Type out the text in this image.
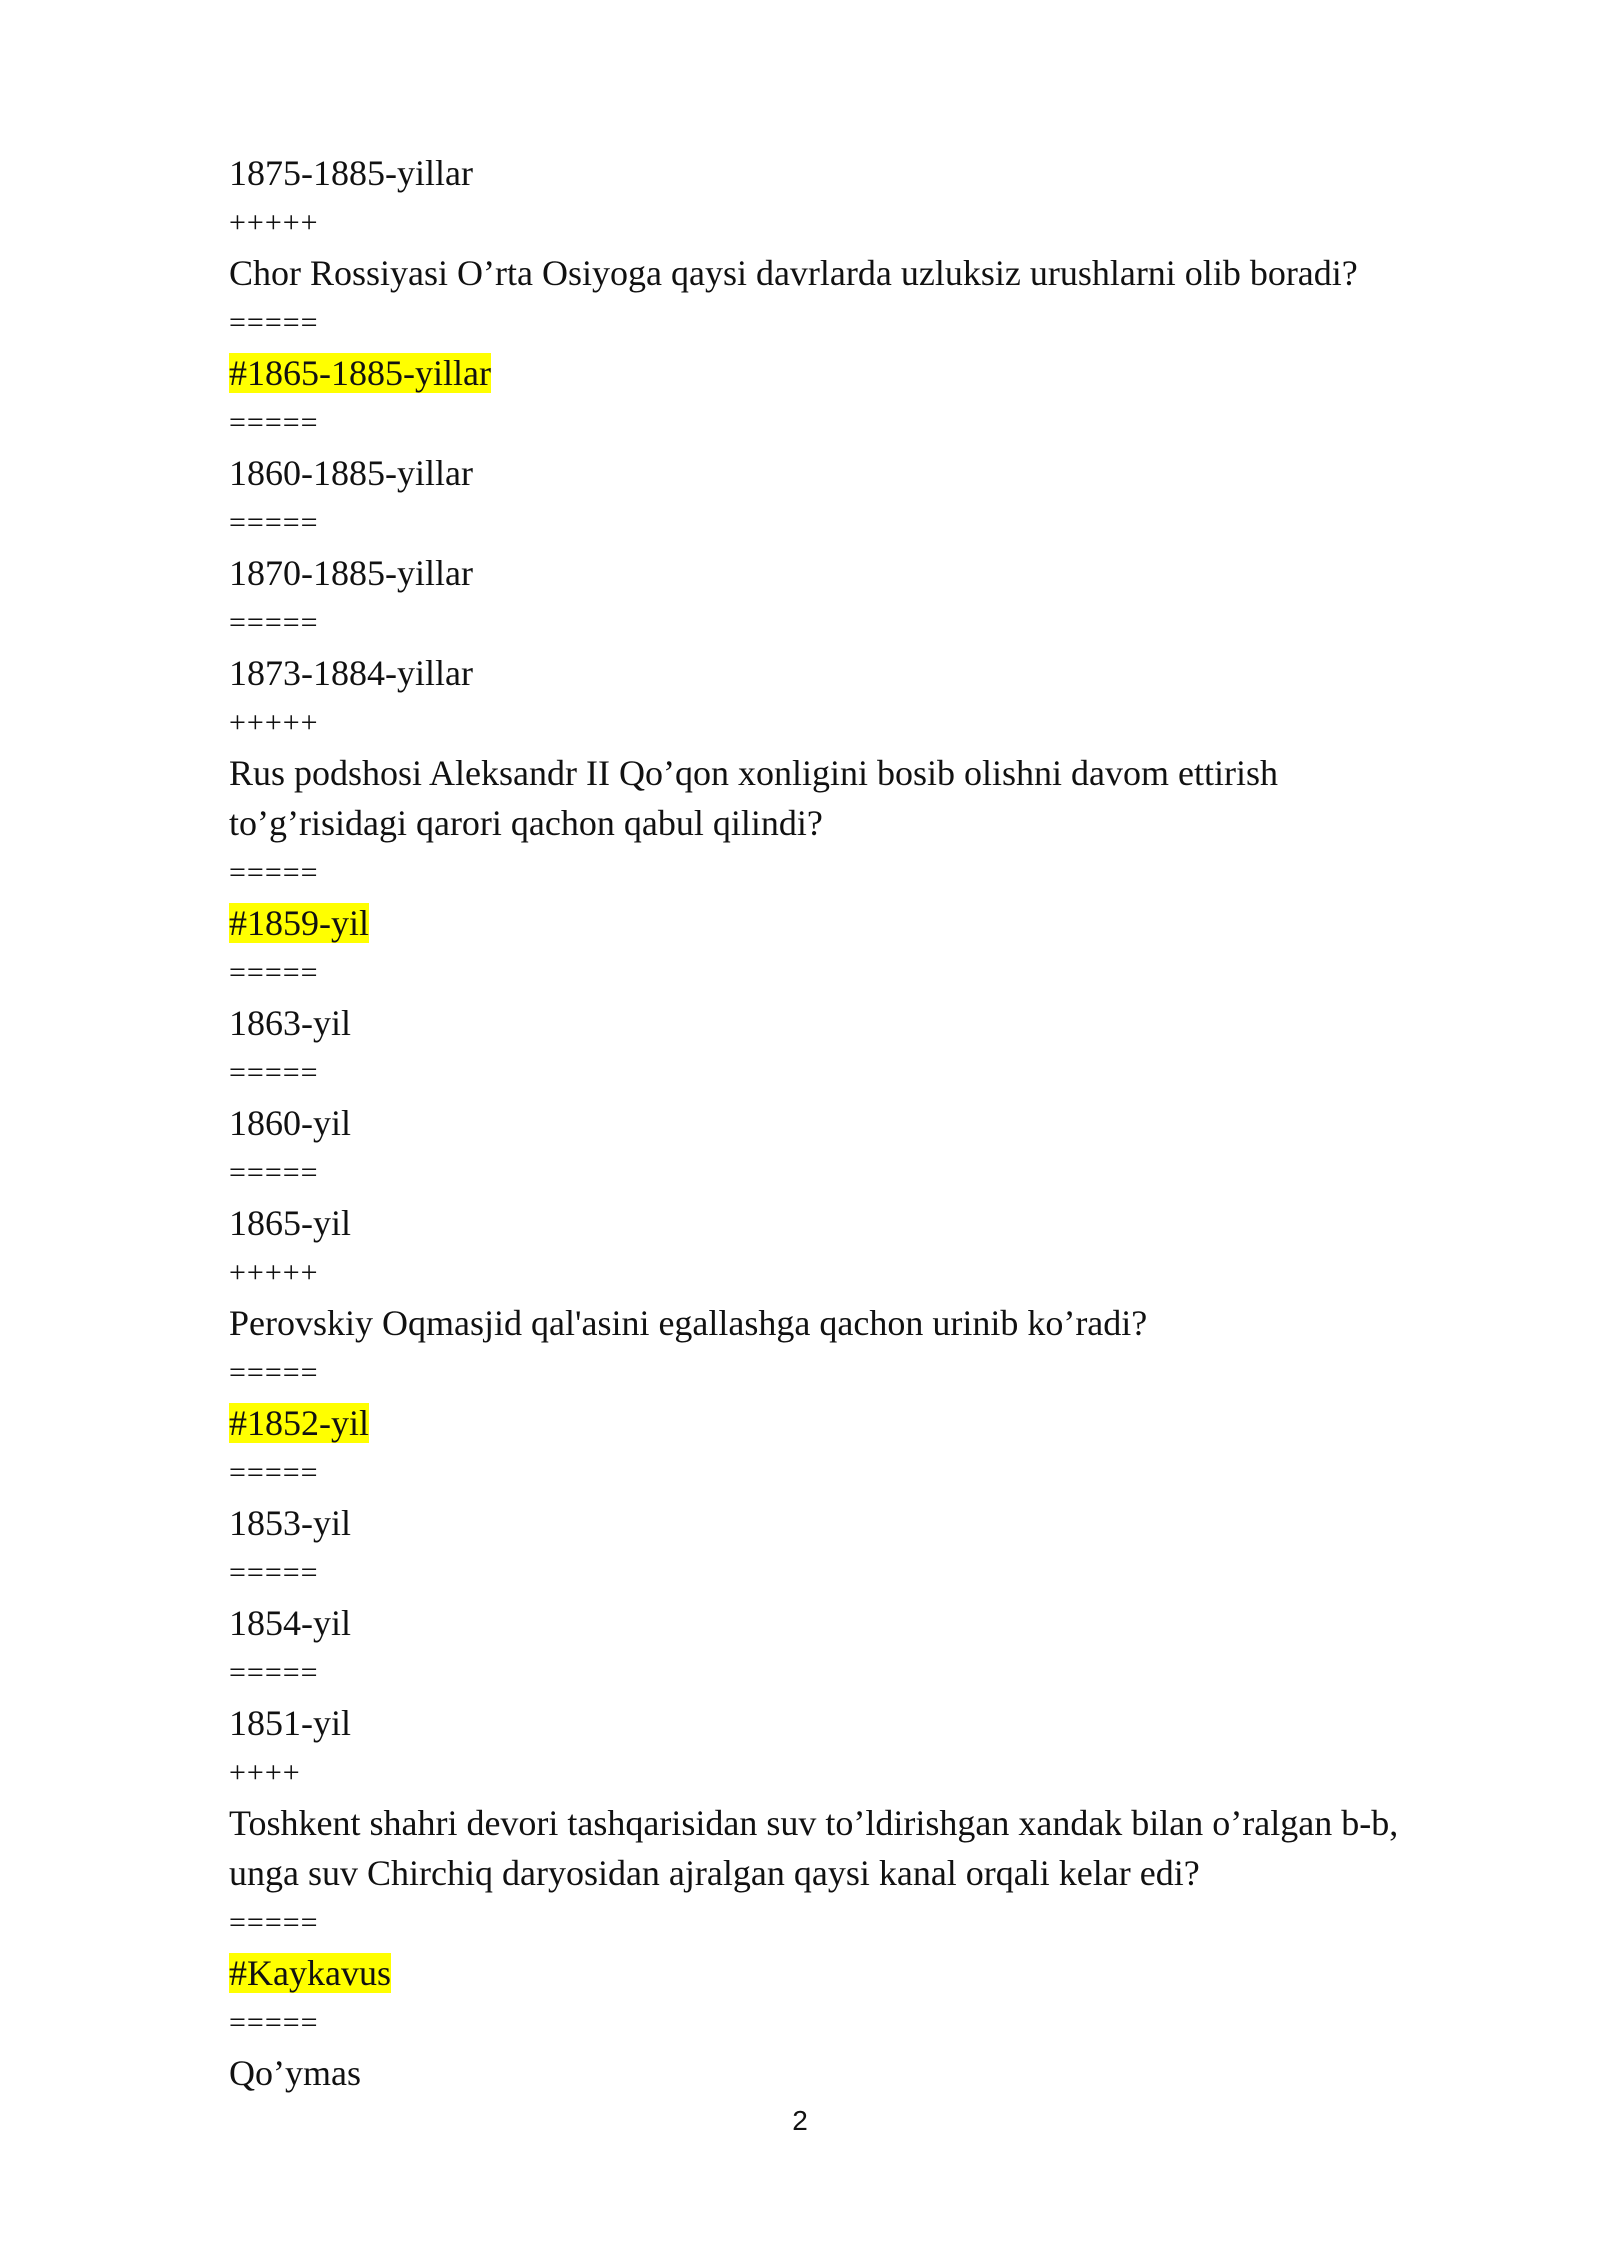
1875-1885-yillar
+++++
Chor Rossiyasi O’rta Osiyoga qaysi davrlarda uzluksiz urushlarni olib boradi?
=====
#1865-1885-yillar
=====
1860-1885-yillar
=====
1870-1885-yillar
=====
1873-1884-yillar
+++++
Rus podshosi Aleksandr II Qo’qon xonligini bosib olishni davom ettirish
to’g’risidagi qarori qachon qabul qilindi?
=====
#1859-yil
=====
1863-yil
=====
1860-yil
=====
1865-yil
+++++
Perovskiy Oqmasjid qal'asini egallashga qachon urinib ko’radi?
=====
#1852-yil
=====
1853-yil
=====
1854-yil
=====
1851-yil
++++
Toshkent shahri devori tashqarisidan suv to’ldirishgan xandak bilan o’ralgan b-b,
unga suv Chirchiq daryosidan ajralgan qaysi kanal orqali kelar edi?
=====
#Kaykavus
=====
Qo’ymas
2
